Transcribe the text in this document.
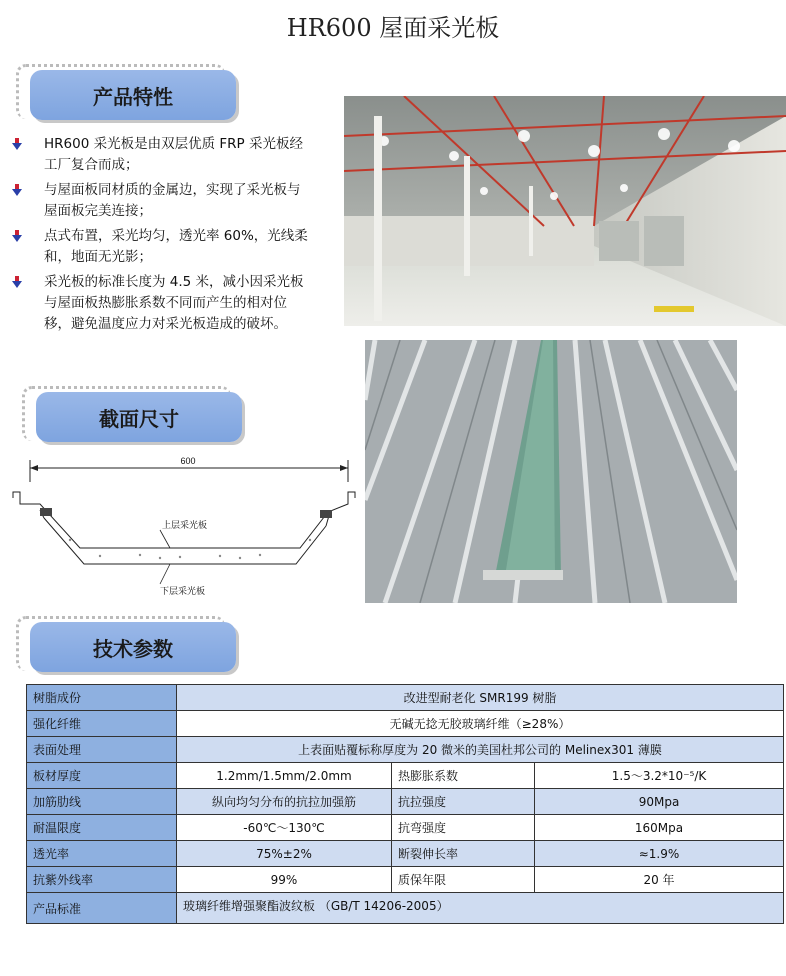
HR600 屋面采光板
产品特性
HR600 采光板是由双层优质 FRP 采光板经工厂复合而成；
与屋面板同材质的金属边，实现了采光板与屋面板完美连接；
点式布置，采光均匀，透光率 60%，光线柔和，地面无光影；
采光板的标准长度为 4.5 米，减小因采光板与屋面板热膨胀系数不同而产生的相对位移，避免温度应力对采光板造成的破坏。
截面尺寸
600
上层采光板
下层采光板
技术参数
树脂成份	改进型耐老化 SMR199 树脂		
强化纤维	无碱无捻无胶玻璃纤维（≥28%）		
表面处理	上表面贴覆标称厚度为 20 微米的美国杜邦公司的 Melinex301 薄膜		
板材厚度	1.2mm/1.5mm/2.0mm	热膨胀系数	1.5～3.2*10⁻⁵/K
加筋肋线	纵向均匀分布的抗拉加强筋	抗拉强度	90Mpa
耐温限度	-60℃～130℃	抗弯强度	160Mpa
透光率	75%±2%	断裂伸长率	≈1.9%
抗紫外线率	99%	质保年限	20 年
产品标准	玻璃纤维增强聚酯波纹板 （GB/T 14206-2005）		
